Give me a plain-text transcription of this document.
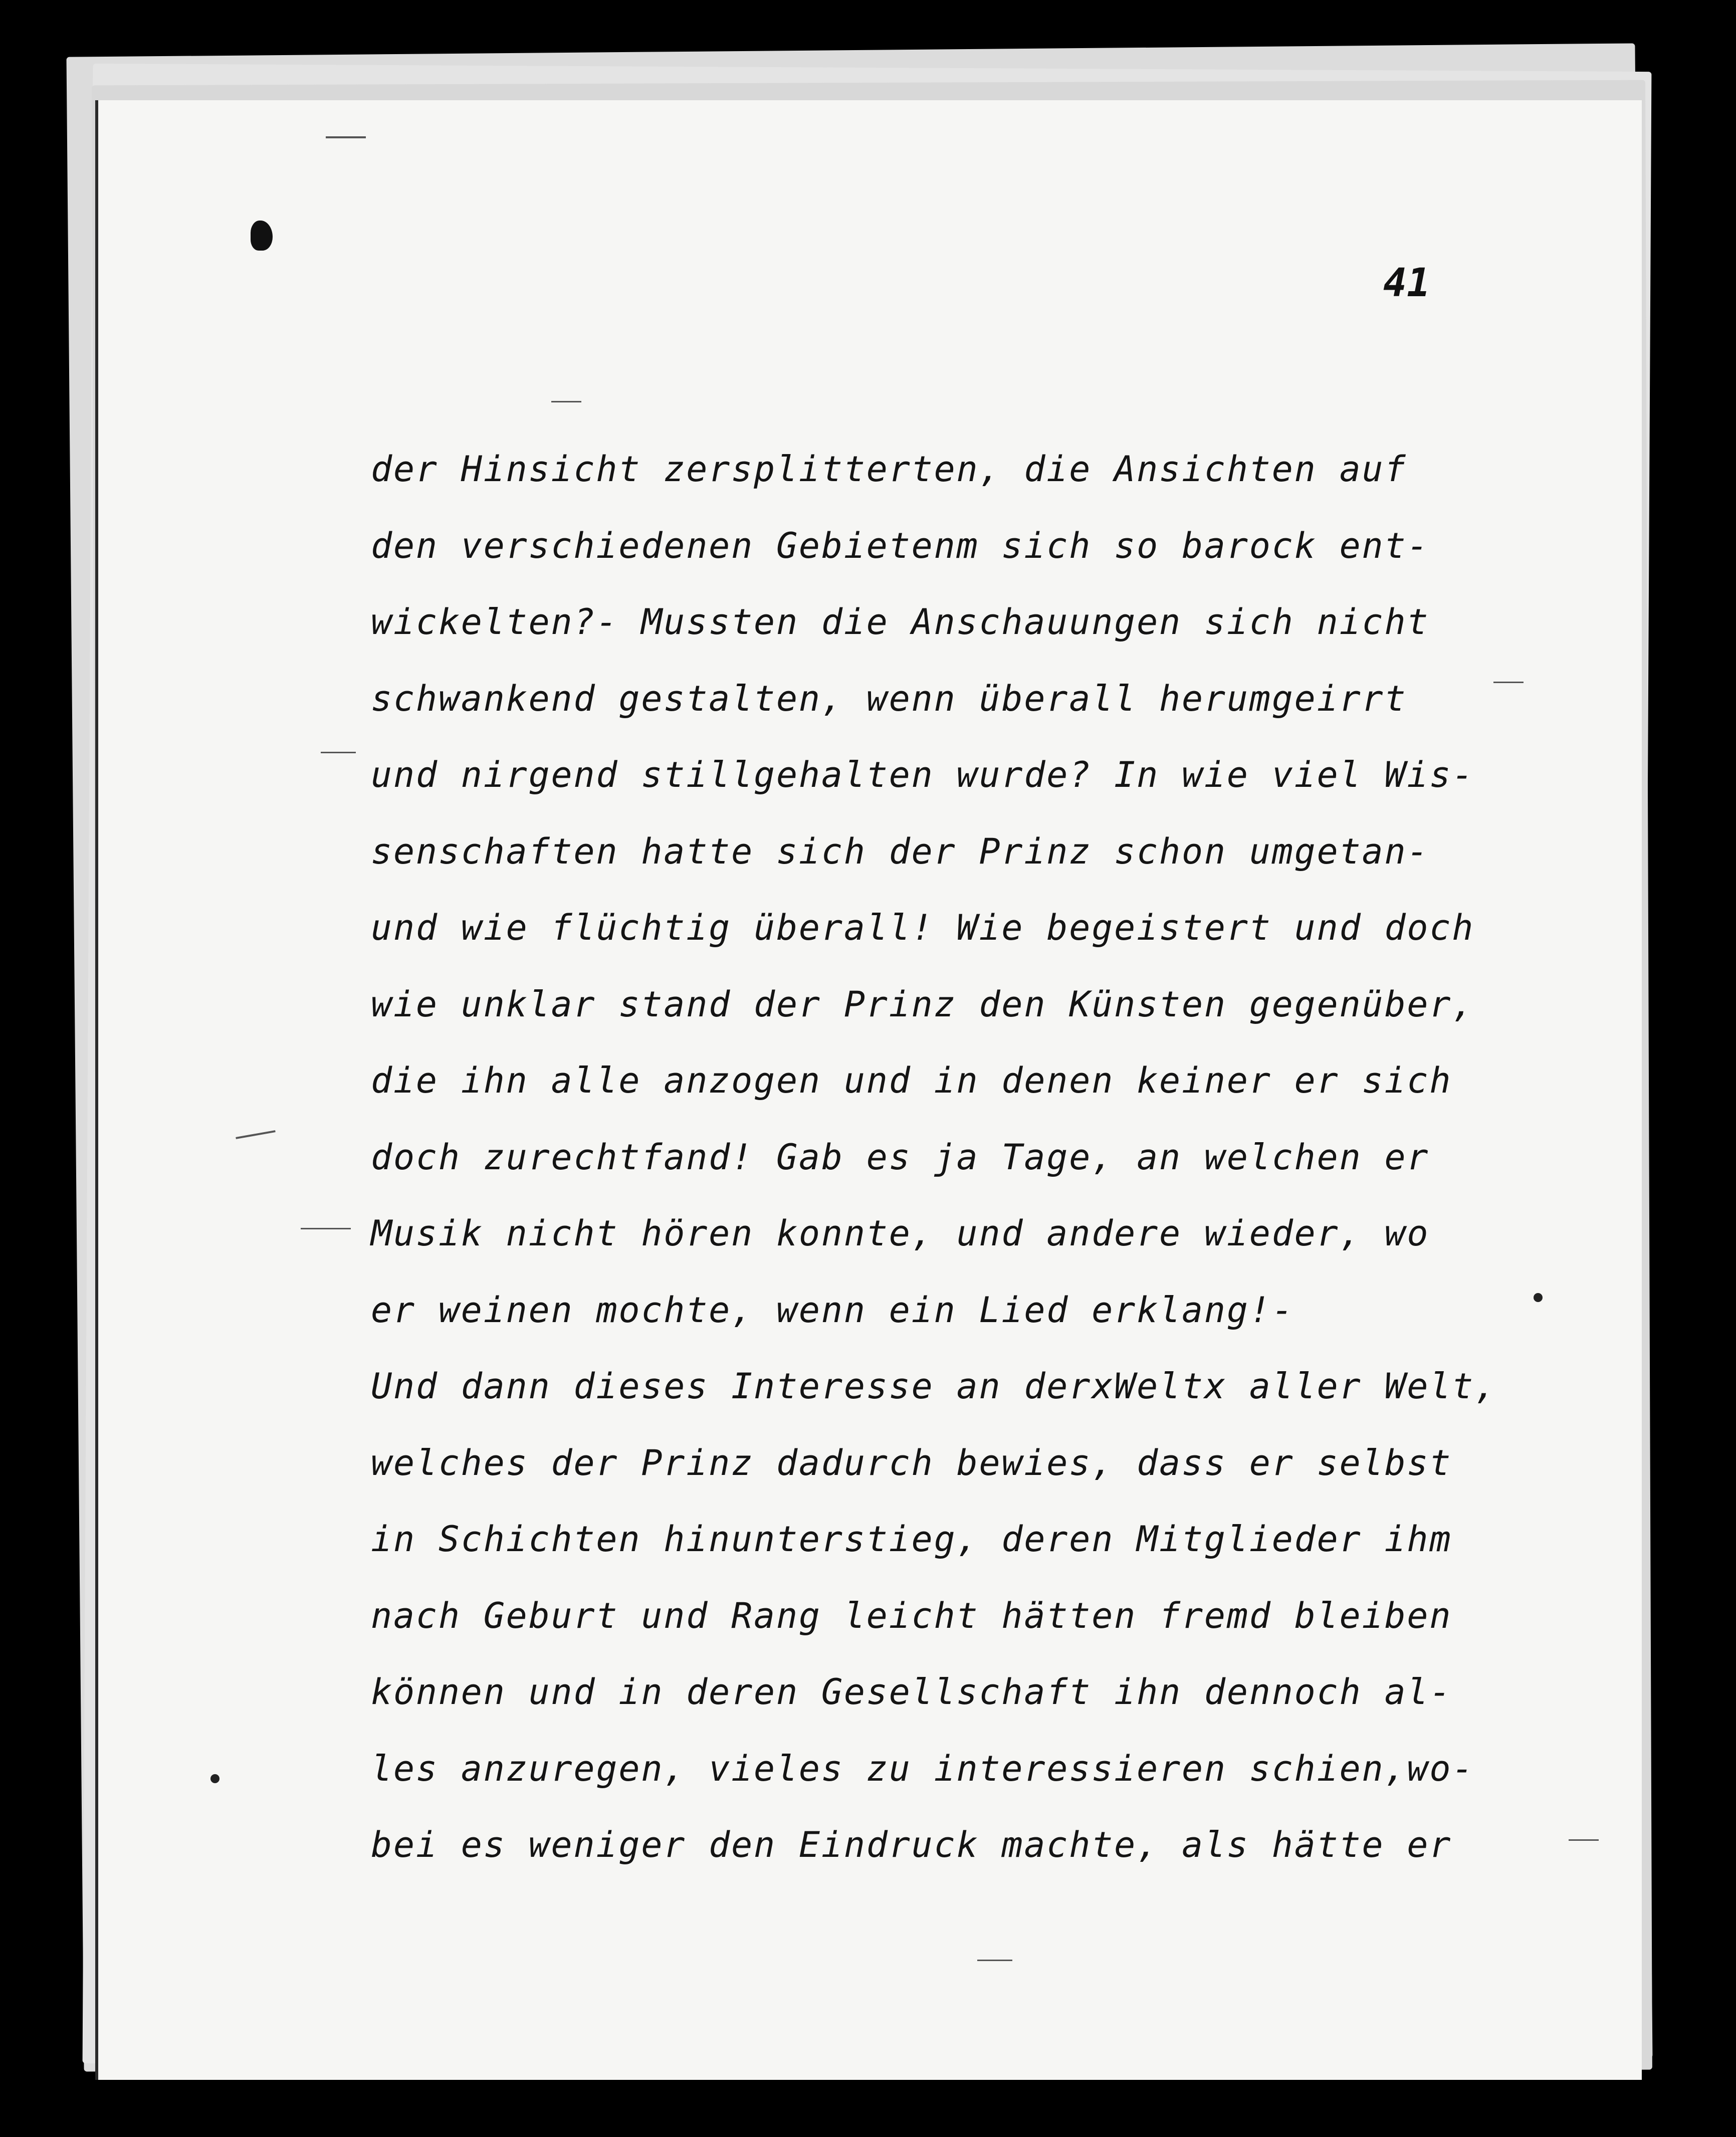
41

der Hinsicht zersplitterten, die Ansichten auf
den verschiedenen Gebietenm sich so barock ent-
wickelten?- Mussten die Anschauungen sich nicht
schwankend gestalten, wenn überall herumgeirrt
und nirgend stillgehalten wurde? In wie viel Wis-
senschaften hatte sich der Prinz schon umgetan-
und wie flüchtig überall! Wie begeistert und doch
wie unklar stand der Prinz den Künsten gegenüber,
die ihn alle anzogen und in denen keiner er sich
doch zurechtfand! Gab es ja Tage, an welchen er
Musik nicht hören konnte, und andere wieder, wo
er weinen mochte, wenn ein Lied erklang!-
Und dann dieses Interesse an derxWeltx aller Welt,
welches der Prinz dadurch bewies, dass er selbst
in Schichten hinunterstieg, deren Mitglieder ihm
nach Geburt und Rang leicht hätten fremd bleiben
können und in deren Gesellschaft ihn dennoch al-
les anzuregen, vieles zu interessieren schien,wo-
bei es weniger den Eindruck machte, als hätte er
